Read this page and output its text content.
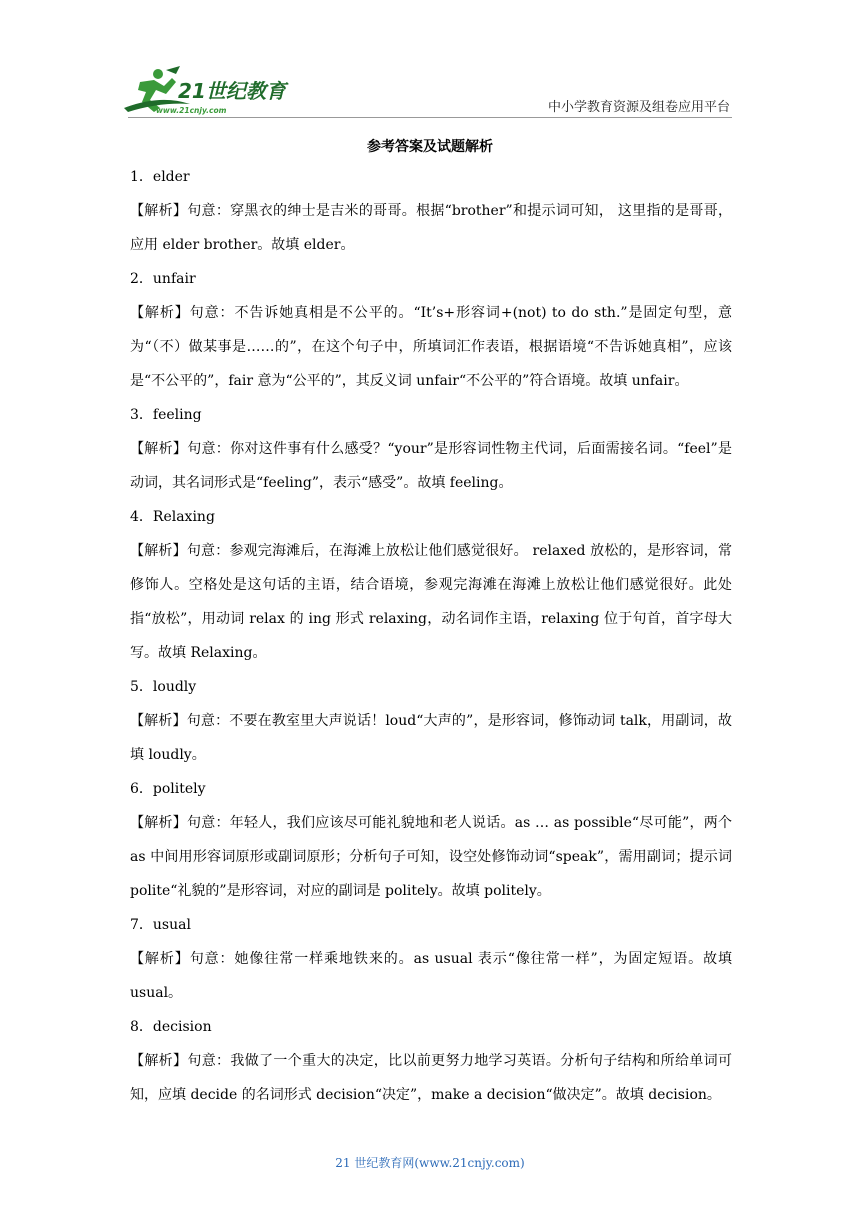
21世纪教育
www.21cnjy.com	中小学教育资源及组卷应用平台
参考答案及试题解析

1．elder

【解析】句意：穿黑衣的绅士是吉米的哥哥。根据“brother”和提示词可知， 这里指的是哥哥，应用 elder brother。故填 elder。

2．unfair

【解析】句意：不告诉她真相是不公平的。“It’s+形容词+(not) to do sth.”是固定句型，意为“（不）做某事是……的”，在这个句子中，所填词汇作表语，根据语境“不告诉她真相”，应该是“不公平的”，fair 意为“公平的”，其反义词 unfair“不公平的”符合语境。故填 unfair。

3．feeling

【解析】句意：你对这件事有什么感受？“your”是形容词性物主代词，后面需接名词。“feel”是动词，其名词形式是“feeling”，表示“感受”。故填 feeling。

4．Relaxing

【解析】句意：参观完海滩后，在海滩上放松让他们感觉很好。 relaxed 放松的，是形容词，常修饰人。空格处是这句话的主语，结合语境，参观完海滩在海滩上放松让他们感觉很好。此处指“放松”，用动词 relax 的 ing 形式 relaxing，动名词作主语，relaxing 位于句首，首字母大写。故填 Relaxing。

5．loudly

【解析】句意：不要在教室里大声说话！loud“大声的”，是形容词，修饰动词 talk，用副词，故填 loudly。

6．politely

【解析】句意：年轻人，我们应该尽可能礼貌地和老人说话。as … as possible“尽可能”，两个 as 中间用形容词原形或副词原形；分析句子可知，设空处修饰动词“speak”，需用副词；提示词 polite“礼貌的”是形容词，对应的副词是 politely。故填 politely。

7．usual

【解析】句意：她像往常一样乘地铁来的。as usual 表示“像往常一样”，为固定短语。故填 usual。

8．decision

【解析】句意：我做了一个重大的决定，比以前更努力地学习英语。分析句子结构和所给单词可知，应填 decide 的名词形式 decision“决定”，make a decision“做决定”。故填 decision。

21 世纪教育网(www.21cnjy.com)
